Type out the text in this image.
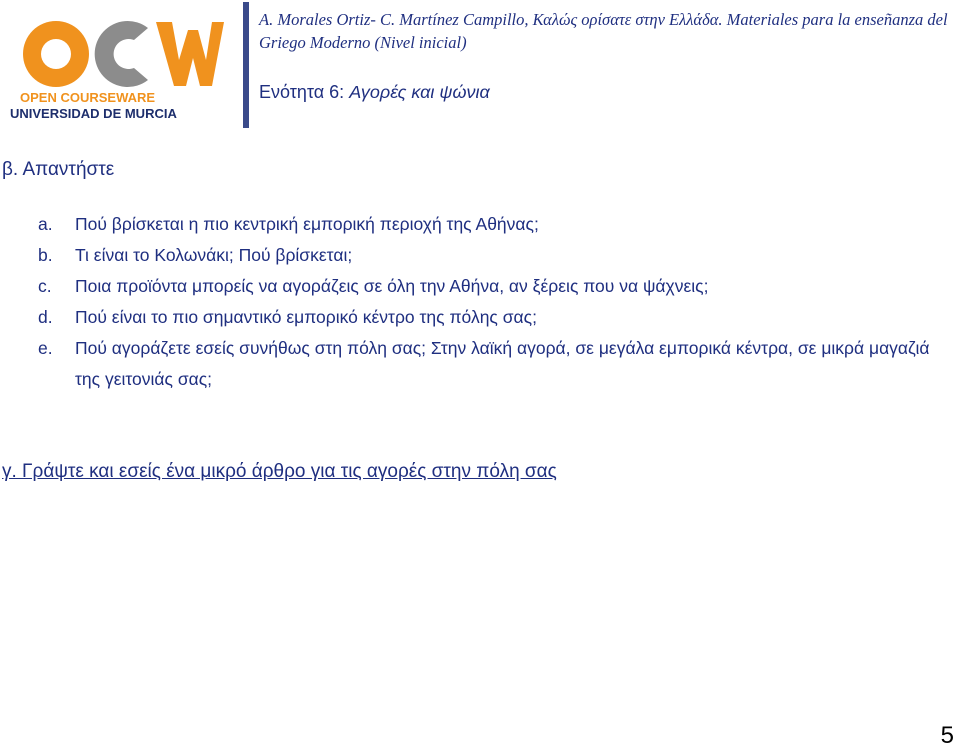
OPEN COURSEWARE
UNIVERSIDAD DE MURCIA
A. Morales Ortiz- C. Martínez Campillo, Καλώς ορίσατε στην Ελλάδα. Materiales para la enseñanza del Griego Moderno (Nivel inicial)
Ενότητα 6: Αγορές και ψώνια
β. Απαντήστε
a. Πού βρίσκεται η πιο κεντρική εμπορική περιοχή της Αθήνας;
b. Τι είναι το Κολωνάκι; Πού βρίσκεται;
c. Ποια προϊόντα μπορείς να αγοράζεις σε όλη την Αθήνα, αν ξέρεις που να ψάχνεις;
d. Πού είναι το πιο σημαντικό εμπορικό κέντρο της πόλης σας;
e. Πού αγοράζετε εσείς συνήθως στη πόλη σας; Στην λαϊκή αγορά, σε μεγάλα εμπορικά κέντρα, σε μικρά μαγαζιά της γειτονιάς σας;
γ. Γράψτε και εσείς ένα μικρό άρθρο για τις αγορές στην πόλη σας
5
